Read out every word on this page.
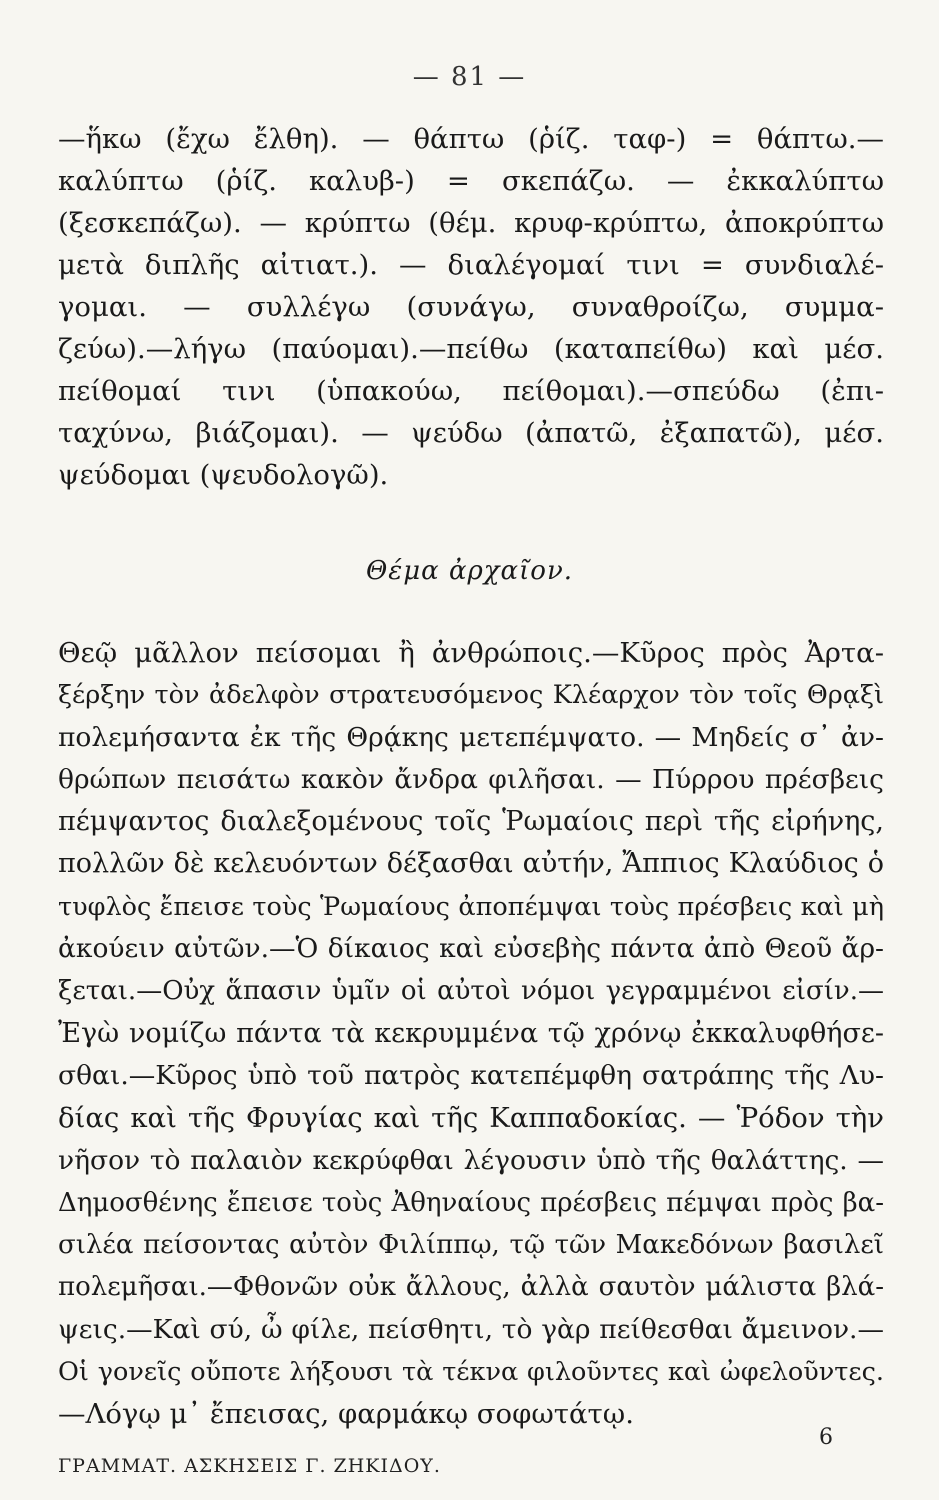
— 81 —
—ἥκω (ἔχω ἔλθη). — θάπτω (ῥίζ. ταφ-) = θάπτω.—
καλύπτω (ῥίζ. καλυβ-) = σκεπάζω. — ἐκκαλύπτω
(ξεσκεπάζω). — κρύπτω (θέμ. κρυφ-κρύπτω, ἀποκρύπτω
μετὰ διπλῆς αἰτιατ.). — διαλέγομαί τινι = συνδιαλέ-
γομαι. — συλλέγω (συνάγω, συναθροίζω, συμμα-
ζεύω).—λήγω (παύομαι).—πείθω (καταπείθω) καὶ μέσ.
πείθομαί τινι (ὑπακούω, πείθομαι).—σπεύδω (ἐπι-
ταχύνω, βιάζομαι). — ψεύδω (ἀπατῶ, ἐξαπατῶ), μέσ.
ψεύδομαι (ψευδολογῶ).
Θέμα ἀρχαῖον.
Θεῷ μᾶλλον πείσομαι ἢ ἀνθρώποις.—Κῦρος πρὸς Ἀρτα-
ξέρξην τὸν ἀδελφὸν στρατευσόμενος Κλέαρχον τὸν τοῖς Θρᾳξὶ
πολεμήσαντα ἐκ τῆς Θρᾴκης μετεπέμψατο. — Μηδείς σ᾽ ἀν-
θρώπων πεισάτω κακὸν ἄνδρα φιλῆσαι. — Πύρρου πρέσβεις
πέμψαντος διαλεξομένους τοῖς Ῥωμαίοις περὶ τῆς εἰρήνης,
πολλῶν δὲ κελευόντων δέξασθαι αὐτήν, Ἄππιος Κλαύδιος ὁ
τυφλὸς ἔπεισε τοὺς Ῥωμαίους ἀποπέμψαι τοὺς πρέσβεις καὶ μὴ
ἀκούειν αὐτῶν.—Ὁ δίκαιος καὶ εὐσεβὴς πάντα ἀπὸ Θεοῦ ἄρ-
ξεται.—Οὐχ ἅπασιν ὑμῖν οἱ αὐτοὶ νόμοι γεγραμμένοι εἰσίν.—
Ἐγὼ νομίζω πάντα τὰ κεκρυμμένα τῷ χρόνῳ ἐκκαλυφθήσε-
σθαι.—Κῦρος ὑπὸ τοῦ πατρὸς κατεπέμφθη σατράπης τῆς Λυ-
δίας καὶ τῆς Φρυγίας καὶ τῆς Καππαδοκίας. — Ῥόδον τὴν
νῆσον τὸ παλαιὸν κεκρύφθαι λέγουσιν ὑπὸ τῆς θαλάττης. —
Δημοσθένης ἔπεισε τοὺς Ἀθηναίους πρέσβεις πέμψαι πρὸς βα-
σιλέα πείσοντας αὐτὸν Φιλίππῳ, τῷ τῶν Μακεδόνων βασιλεῖ
πολεμῆσαι.—Φθονῶν οὐκ ἄλλους, ἀλλὰ σαυτὸν μάλιστα βλά-
ψεις.—Καὶ σύ, ὦ φίλε, πείσθητι, τὸ γὰρ πείθεσθαι ἄμεινον.—
Οἱ γονεῖς οὔποτε λήξουσι τὰ τέκνα φιλοῦντες καὶ ὠφελοῦντες.
—Λόγῳ μ᾽ ἔπεισας, φαρμάκῳ σοφωτάτῳ.
6
ΓΡΑΜΜΑΤ. ΑΣΚΗΣΕΙΣ Γ. ΖΗΚΙΔΟΥ.
